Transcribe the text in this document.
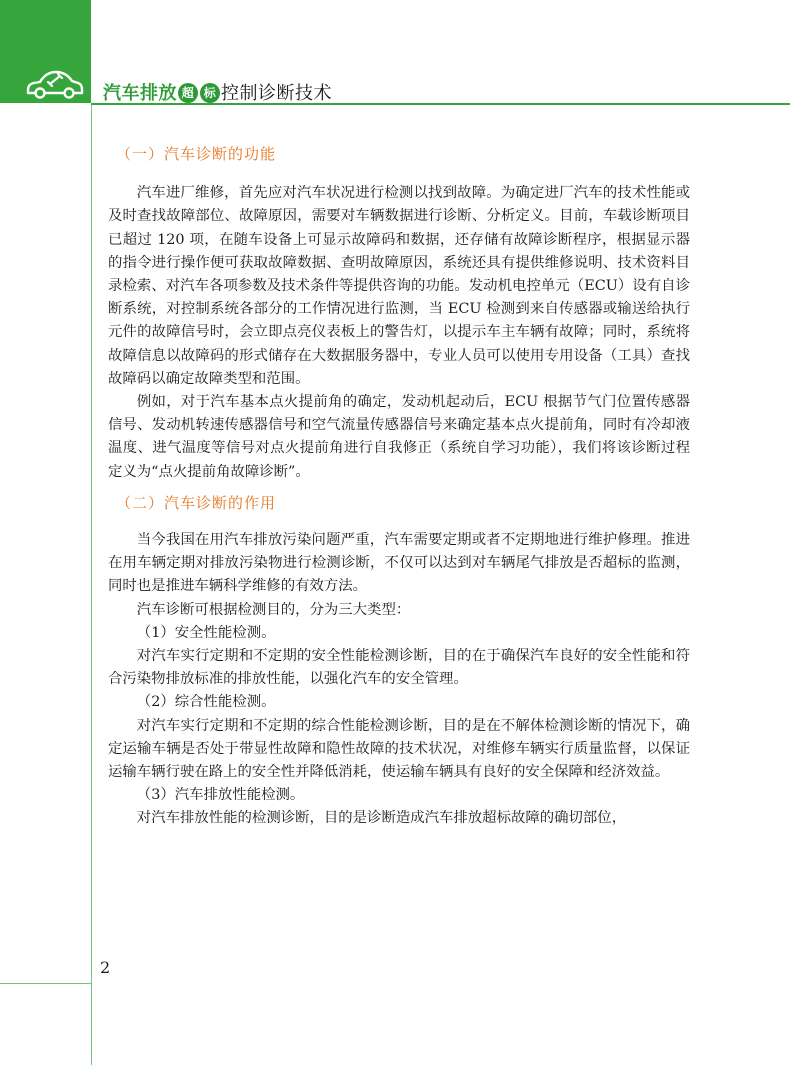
汽车排放 超 标 控制诊断技术
2
（一）汽车诊断的功能

汽车进厂维修，首先应对汽车状况进行检测以找到故障。为确定进厂汽车的技术性能或及时查找故障部位、故障原因，需要对车辆数据进行诊断、分析定义。目前，车载诊断项目已超过 120 项，在随车设备上可显示故障码和数据，还存储有故障诊断程序，根据显示器的指令进行操作便可获取故障数据、查明故障原因，系统还具有提供维修说明、技术资料目录检索、对汽车各项参数及技术条件等提供咨询的功能。发动机电控单元（ECU）设有自诊断系统，对控制系统各部分的工作情况进行监测，当 ECU 检测到来自传感器或输送给执行元件的故障信号时，会立即点亮仪表板上的警告灯，以提示车主车辆有故障；同时，系统将故障信息以故障码的形式储存在大数据服务器中，专业人员可以使用专用设备（工具）查找故障码以确定故障类型和范围。

例如，对于汽车基本点火提前角的确定，发动机起动后，ECU 根据节气门位置传感器信号、发动机转速传感器信号和空气流量传感器信号来确定基本点火提前角，同时有冷却液温度、进气温度等信号对点火提前角进行自我修正（系统自学习功能），我们将该诊断过程定义为“点火提前角故障诊断”。

（二）汽车诊断的作用

当今我国在用汽车排放污染问题严重，汽车需要定期或者不定期地进行维护修理。推进在用车辆定期对排放污染物进行检测诊断，不仅可以达到对车辆尾气排放是否超标的监测，同时也是推进车辆科学维修的有效方法。

汽车诊断可根据检测目的，分为三大类型：

（1）安全性能检测。

对汽车实行定期和不定期的安全性能检测诊断，目的在于确保汽车良好的安全性能和符合污染物排放标准的排放性能，以强化汽车的安全管理。

（2）综合性能检测。

对汽车实行定期和不定期的综合性能检测诊断，目的是在不解体检测诊断的情况下，确定运输车辆是否处于带显性故障和隐性故障的技术状况，对维修车辆实行质量监督，以保证运输车辆行驶在路上的安全性并降低消耗，使运输车辆具有良好的安全保障和经济效益。

（3）汽车排放性能检测。

对汽车排放性能的检测诊断，目的是诊断造成汽车排放超标故障的确切部位，
